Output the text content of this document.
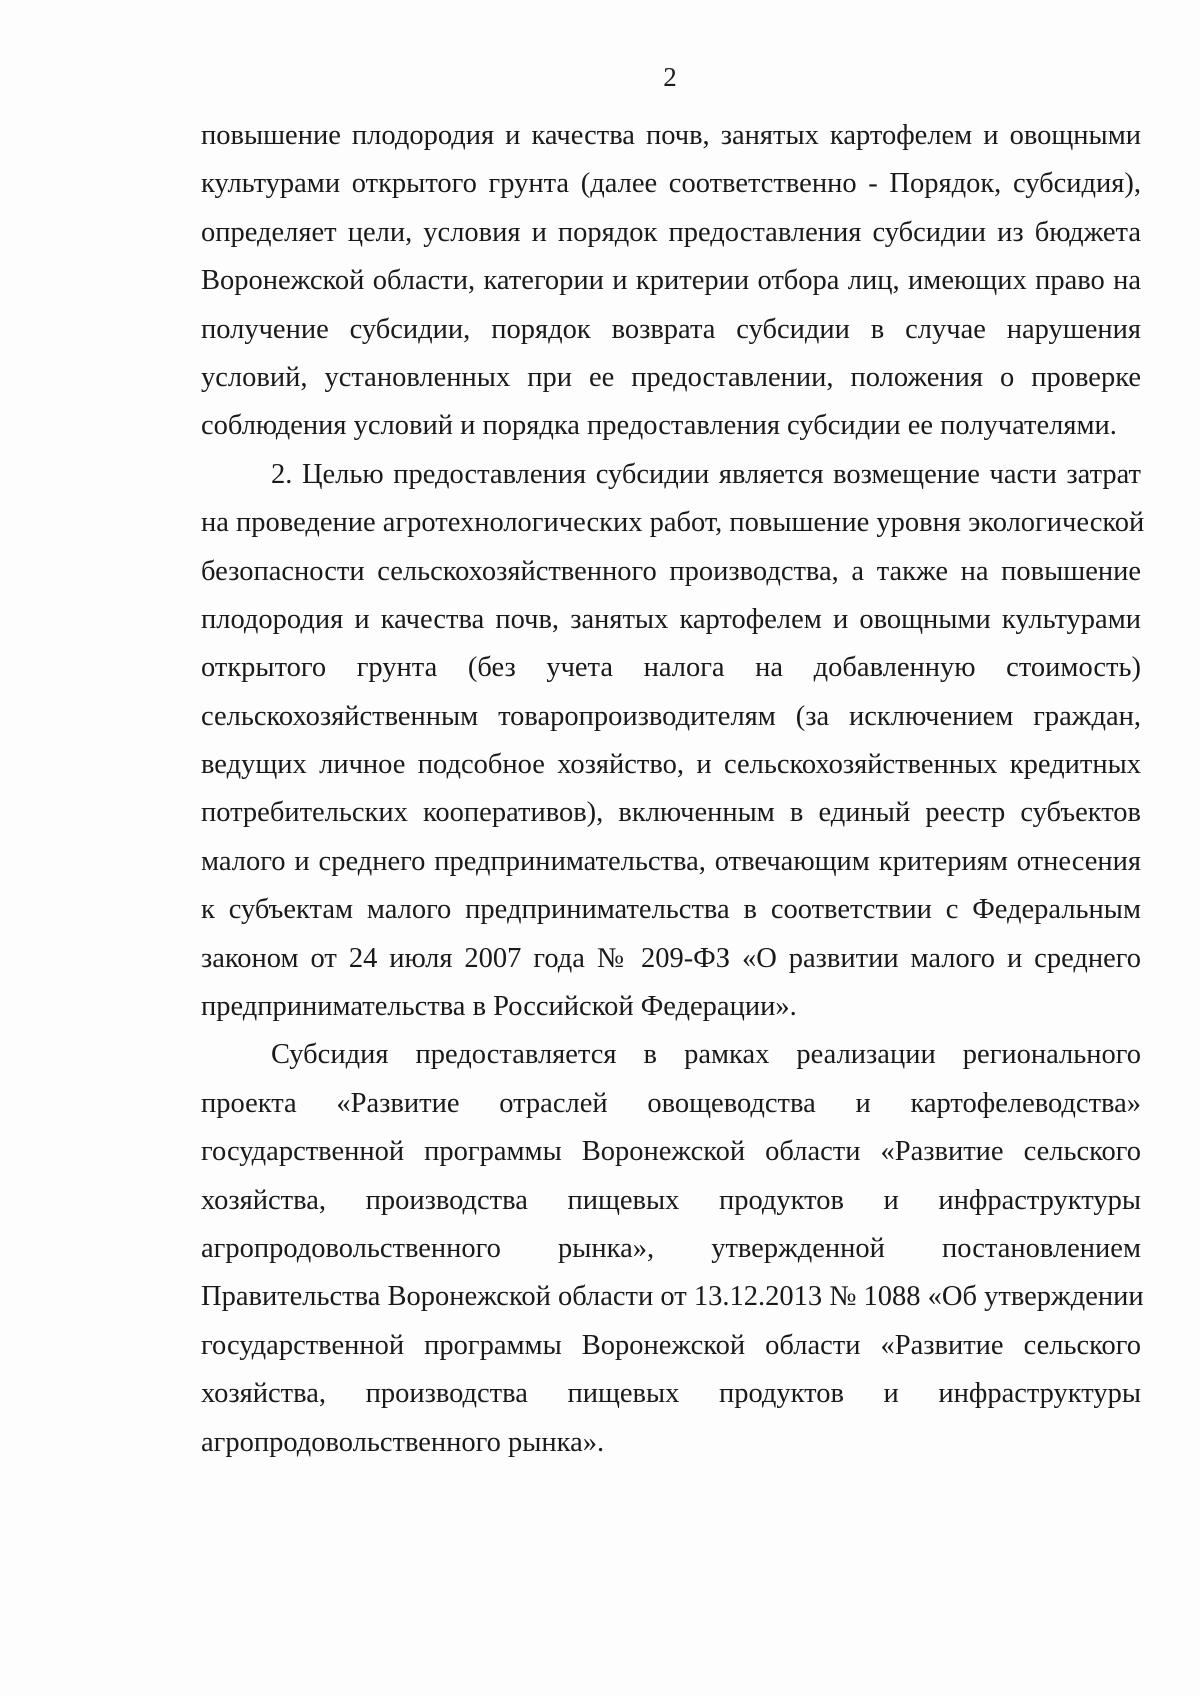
2
повышение плодородия и качества почв, занятых картофелем и овощными
культурами открытого грунта (далее соответственно - Порядок, субсидия),
определяет цели, условия и порядок предоставления субсидии из бюджета
Воронежской области, категории и критерии отбора лиц, имеющих право на
получение субсидии, порядок возврата субсидии в случае нарушения
условий, установленных при ее предоставлении, положения о проверке
соблюдения условий и порядка предоставления субсидии ее получателями.
2. Целью предоставления субсидии является возмещение части затрат
на проведение агротехнологических работ, повышение уровня экологической
безопасности сельскохозяйственного производства, а также на повышение
плодородия и качества почв, занятых картофелем и овощными культурами
открытого грунта (без учета налога на добавленную стоимость)
сельскохозяйственным товаропроизводителям (за исключением граждан,
ведущих личное подсобное хозяйство, и сельскохозяйственных кредитных
потребительских кооперативов), включенным в единый реестр субъектов
малого и среднего предпринимательства, отвечающим критериям отнесения
к субъектам малого предпринимательства в соответствии с Федеральным
законом от 24 июля 2007 года № 209-ФЗ «О развитии малого и среднего
предпринимательства в Российской Федерации».
Субсидия предоставляется в рамках реализации регионального
проекта «Развитие отраслей овощеводства и картофелеводства»
государственной программы Воронежской области «Развитие сельского
хозяйства, производства пищевых продуктов и инфраструктуры
агропродовольственного рынка», утвержденной постановлением
Правительства Воронежской области от 13.12.2013 № 1088 «Об утверждении
государственной программы Воронежской области «Развитие сельского
хозяйства, производства пищевых продуктов и инфраструктуры
агропродовольственного рынка».
